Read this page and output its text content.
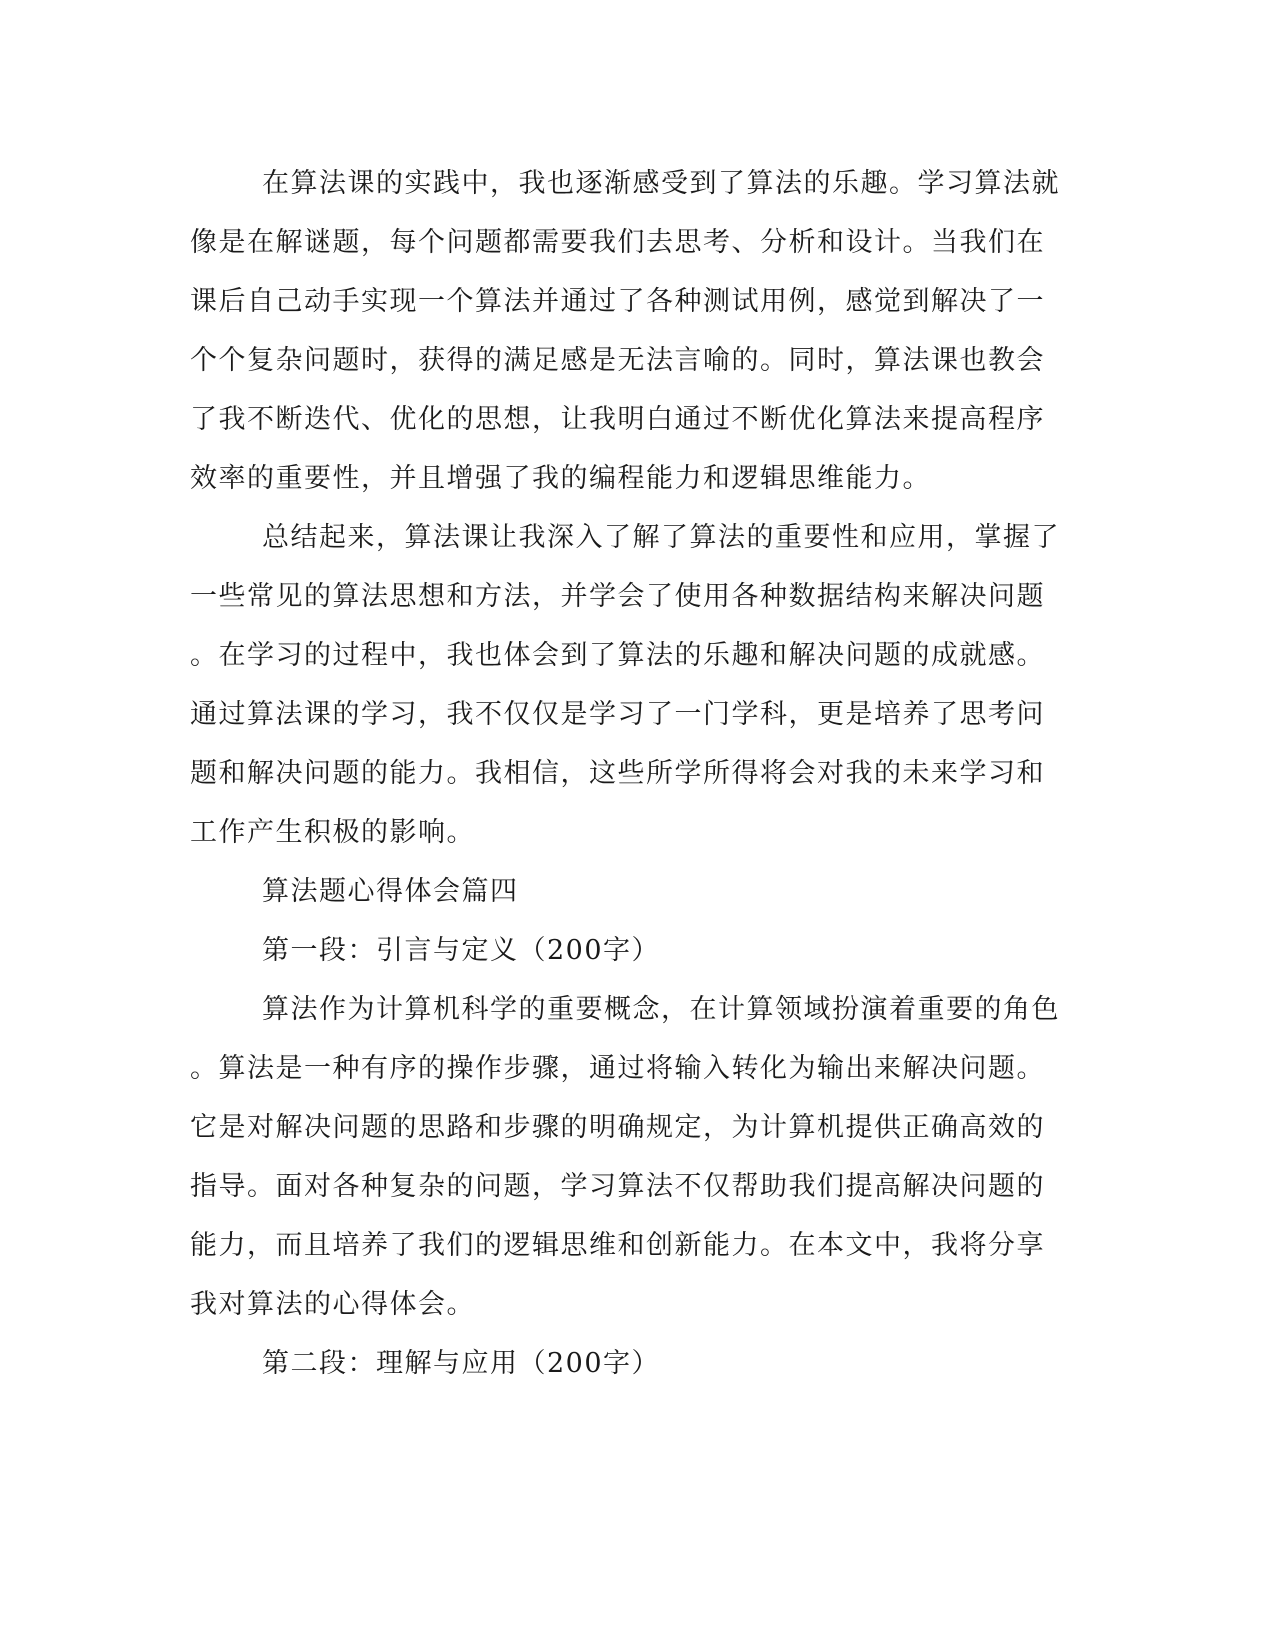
在算法课的实践中，我也逐渐感受到了算法的乐趣。学习算法就
像是在解谜题，每个问题都需要我们去思考、分析和设计。当我们在
课后自己动手实现一个算法并通过了各种测试用例，感觉到解决了一
个个复杂问题时，获得的满足感是无法言喻的。同时，算法课也教会
了我不断迭代、优化的思想，让我明白通过不断优化算法来提高程序
效率的重要性，并且增强了我的编程能力和逻辑思维能力。
总结起来，算法课让我深入了解了算法的重要性和应用，掌握了
一些常见的算法思想和方法，并学会了使用各种数据结构来解决问题
。在学习的过程中，我也体会到了算法的乐趣和解决问题的成就感。
通过算法课的学习，我不仅仅是学习了一门学科，更是培养了思考问
题和解决问题的能力。我相信，这些所学所得将会对我的未来学习和
工作产生积极的影响。
算法题心得体会篇四
第一段：引言与定义（200字）
算法作为计算机科学的重要概念，在计算领域扮演着重要的角色
。算法是一种有序的操作步骤，通过将输入转化为输出来解决问题。
它是对解决问题的思路和步骤的明确规定，为计算机提供正确高效的
指导。面对各种复杂的问题，学习算法不仅帮助我们提高解决问题的
能力，而且培养了我们的逻辑思维和创新能力。在本文中，我将分享
我对算法的心得体会。
第二段：理解与应用（200字）
